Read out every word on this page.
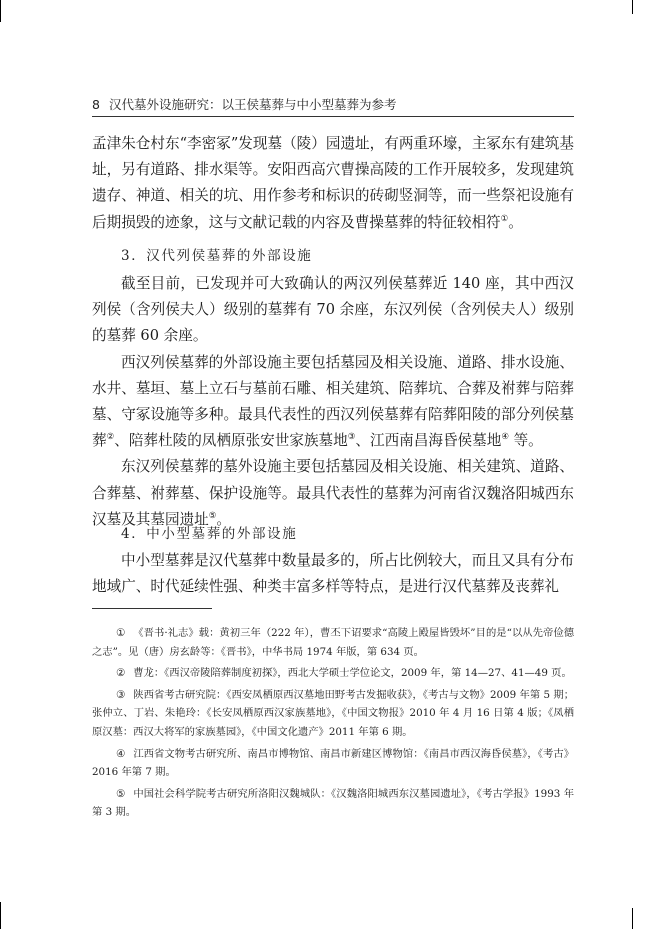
8 汉代墓外设施研究：以王侯墓葬与中小型墓葬为参考

孟津朱仓村东“李密冢”发现墓（陵）园遗址，有两重环壕，主冢东有建筑基址，另有道路、排水渠等。安阳西高穴曹操高陵的工作开展较多，发现建筑遗存、神道、相关的坑、用作参考和标识的砖砌竖洞等，而一些祭祀设施有后期损毁的迹象，这与文献记载的内容及曹操墓葬的特征较相符①。

3．汉代列侯墓葬的外部设施

截至目前，已发现并可大致确认的两汉列侯墓葬近 140 座，其中西汉列侯（含列侯夫人）级别的墓葬有 70 余座，东汉列侯（含列侯夫人）级别的墓葬 60 余座。

西汉列侯墓葬的外部设施主要包括墓园及相关设施、道路、排水设施、水井、墓垣、墓上立石与墓前石雕、相关建筑、陪葬坑、合葬及祔葬与陪葬墓、守冢设施等多种。最具代表性的西汉列侯墓葬有陪葬阳陵的部分列侯墓葬②、陪葬杜陵的凤栖原张安世家族墓地③、江西南昌海昏侯墓地④ 等。

东汉列侯墓葬的墓外设施主要包括墓园及相关设施、相关建筑、道路、合葬墓、祔葬墓、保护设施等。最具代表性的墓葬为河南省汉魏洛阳城西东汉墓及其墓园遗址⑤。

4．中小型墓葬的外部设施

中小型墓葬是汉代墓葬中数量最多的，所占比例较大，而且又具有分布地域广、时代延续性强、种类丰富多样等特点，是进行汉代墓葬及丧葬礼

① 《晋书·礼志》载：黄初三年（222 年），曹丕下诏要求“高陵上殿屋皆毁坏”目的是“以从先帝俭德之志”。见（唐）房玄龄等：《晋书》，中华书局 1974 年版，第 634 页。

② 曹龙：《西汉帝陵陪葬制度初探》，西北大学硕士学位论文，2009 年，第 14—27、41—49 页。

③ 陕西省考古研究院：《西安凤栖原西汉墓地田野考古发掘收获》，《考古与文物》2009 年第 5 期；张仲立、丁岩、朱艳玲：《长安凤栖原西汉家族墓地》，《中国文物报》2010 年 4 月 16 日第 4 版；《凤栖原汉墓：西汉大将军的家族墓园》，《中国文化遗产》2011 年第 6 期。

④ 江西省文物考古研究所、南昌市博物馆、南昌市新建区博物馆：《南昌市西汉海昏侯墓》，《考古》2016 年第 7 期。

⑤ 中国社会科学院考古研究所洛阳汉魏城队：《汉魏洛阳城西东汉墓园遗址》，《考古学报》1993 年第 3 期。
